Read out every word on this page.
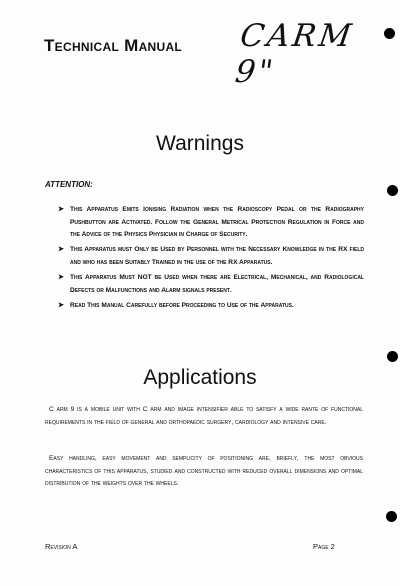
Technical Manual CARM 9"
Warnings
ATTENTION:
➤ This Apparatus Emits Ionising Radiation when the Radioscopy Pedal or the Radiography Pushbutton are Activated. Follow the General Metrical Protection Regulation in Force and the Advice of the Physics Physician in Charge of Security.
➤ This Apparatus must Only be Used by Personnel with the Necessary Knowledge in the RX field and who has been Suitably Trained in the use of the RX Apparatus.
➤ This Apparatus Must NOT be Used when there are Electrical, Mechanical, and Radiological Defects or Malfunctions and Alarm signals present.
➤ Read This Manual Carefully before Proceeding to Use of the Apparatus.
Applications

C arm 9 is a mobile unit with C arm and image intensifier able to satisfy a wide rante of functional requirements in the field of general and orthopaedic surgery, cardiology and intensive care.

Easy handling, easy movement and semplicity of positioning are, briefly, the most obvious characteristics of this apparatus, studied and constructed with reduced overall dimensions and optimal distribution of the weights over the wheels.

Revision A	Page 2
